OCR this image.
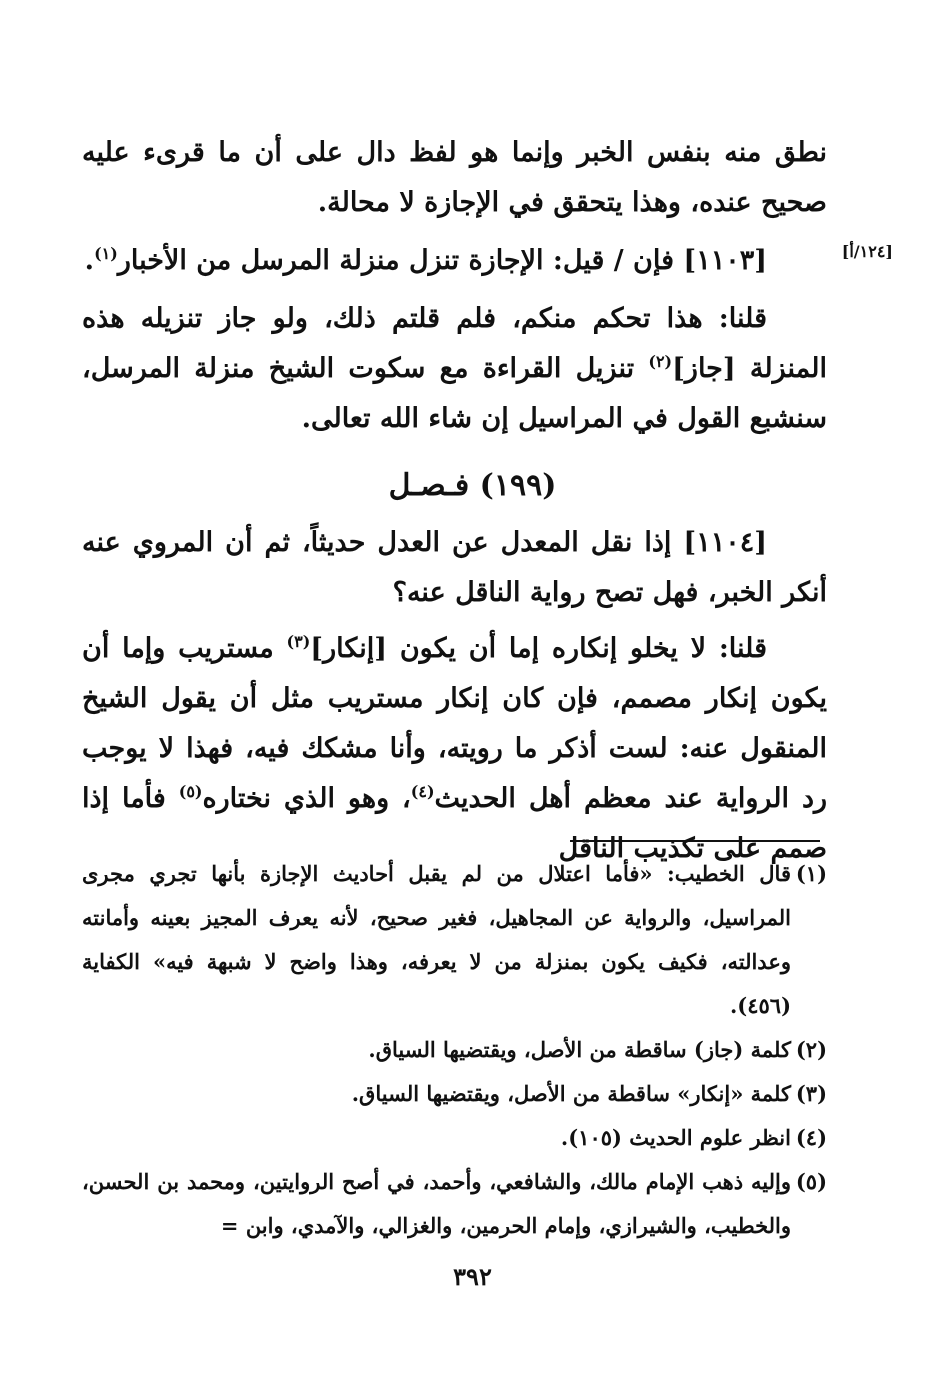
نطق منه بنفس الخبر وإنما هو لفظ دال على أن ما قرىء عليه صحيح عنده، وهذا يتحقق في الإجازة لا محالة.

[١٢٤/أ]

[١١٠٣] فإن / قيل: الإجازة تنزل منزلة المرسل من الأخبار$^{(١)}$.

قلنا: هذا تحكم منكم، فلم قلتم ذلك، ولو جاز تنزيله هذه المنزلة [جاز]$^{(٢)}$ تنزيل القراءة مع سكوت الشيخ منزلة المرسل، سنشبع القول في المراسيل إن شاء الله تعالى.

(١٩٩) فـصـل

[١١٠٤] إذا نقل المعدل عن العدل حديثاً، ثم أن المروي عنه أنكر الخبر، فهل تصح رواية الناقل عنه؟

قلنا: لا يخلو إنكاره إما أن يكون [إنكار]$^{(٣)}$ مستريب وإما أن يكون إنكار مصمم، فإن كان إنكار مستريب مثل أن يقول الشيخ المنقول عنه: لست أذكر ما رويته، وأنا مشكك فيه، فهذا لا يوجب رد الرواية عند معظم أهل الحديث$^{(٤)}$، وهو الذي نختاره$^{(٥)}$ فأما إذا صمم على تكذيب الناقل

(١)
قال الخطيب: «فأما اعتلال من لم يقبل أحاديث الإجازة بأنها تجري مجرى المراسيل، والرواية عن المجاهيل، فغير صحيح، لأنه يعرف المجيز بعينه وأمانته وعدالته، فكيف يكون بمنزلة من لا يعرفه، وهذا واضح لا شبهة فيه» الكفاية (٤٥٦).
(٢)
كلمة (جاز) ساقطة من الأصل، ويقتضيها السياق.
(٣)
كلمة «إنكار» ساقطة من الأصل، ويقتضيها السياق.
(٤)
انظر علوم الحديث (١٠٥).
(٥)
وإليه ذهب الإمام مالك، والشافعي، وأحمد، في أصح الروايتين، ومحمد بن الحسن، والخطيب، والشيرازي، وإمام الحرمين، والغزالي، والآمدي، وابن =
٣٩٢
